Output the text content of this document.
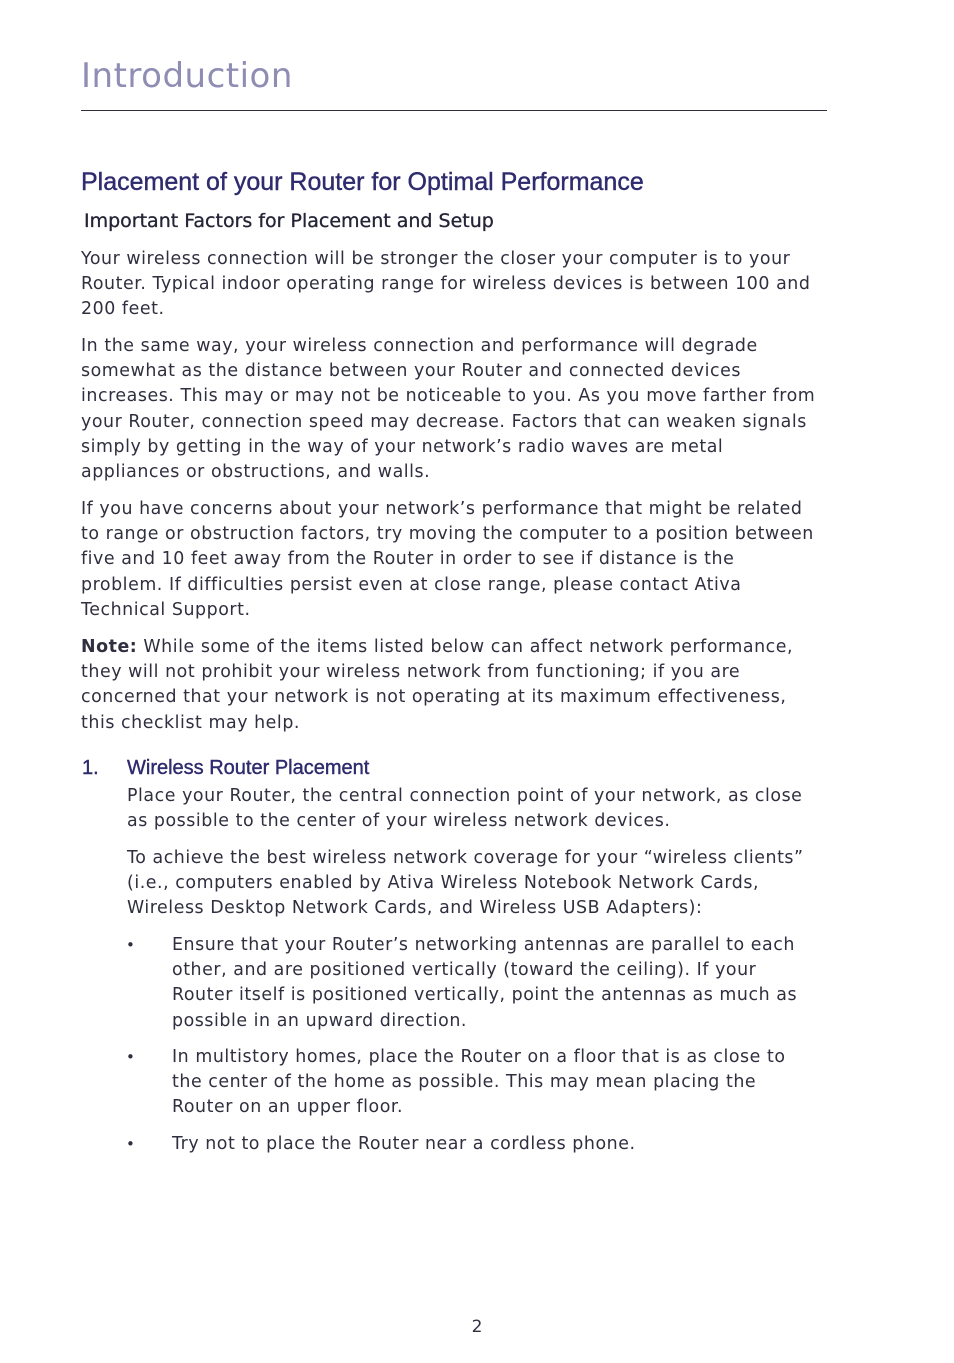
Introduction
Placement of your Router for Optimal Performance
Important Factors for Placement and Setup

Your wireless connection will be stronger the closer your computer is to your Router. Typical indoor operating range for wireless devices is between 100 and 200 feet.

In the same way, your wireless connection and performance will degrade somewhat as the distance between your Router and connected devices increases. This may or may not be noticeable to you. As you move farther from your Router, connection speed may decrease. Factors that can weaken signals simply by getting in the way of your network’s radio waves are metal appliances or obstructions, and walls.

If you have concerns about your network’s performance that might be related to range or obstruction factors, try moving the computer to a position between five and 10 feet away from the Router in order to see if distance is the problem. If difficulties persist even at close range, please contact Ativa Technical Support.

Note: While some of the items listed below can affect network performance, they will not prohibit your wireless network from functioning; if you are concerned that your network is not operating at its maximum effectiveness, this checklist may help.

1. Wireless Router Placement

Place your Router, the central connection point of your network, as close as possible to the center of your wireless network devices.

To achieve the best wireless network coverage for your “wireless clients” (i.e., computers enabled by Ativa Wireless Notebook Network Cards, Wireless Desktop Network Cards, and Wireless USB Adapters):

• Ensure that your Router’s networking antennas are parallel to each other, and are positioned vertically (toward the ceiling). If your Router itself is positioned vertically, point the antennas as much as possible in an upward direction.

• In multistory homes, place the Router on a floor that is as close to the center of the home as possible. This may mean placing the Router on an upper floor.

• Try not to place the Router near a cordless phone.

2
